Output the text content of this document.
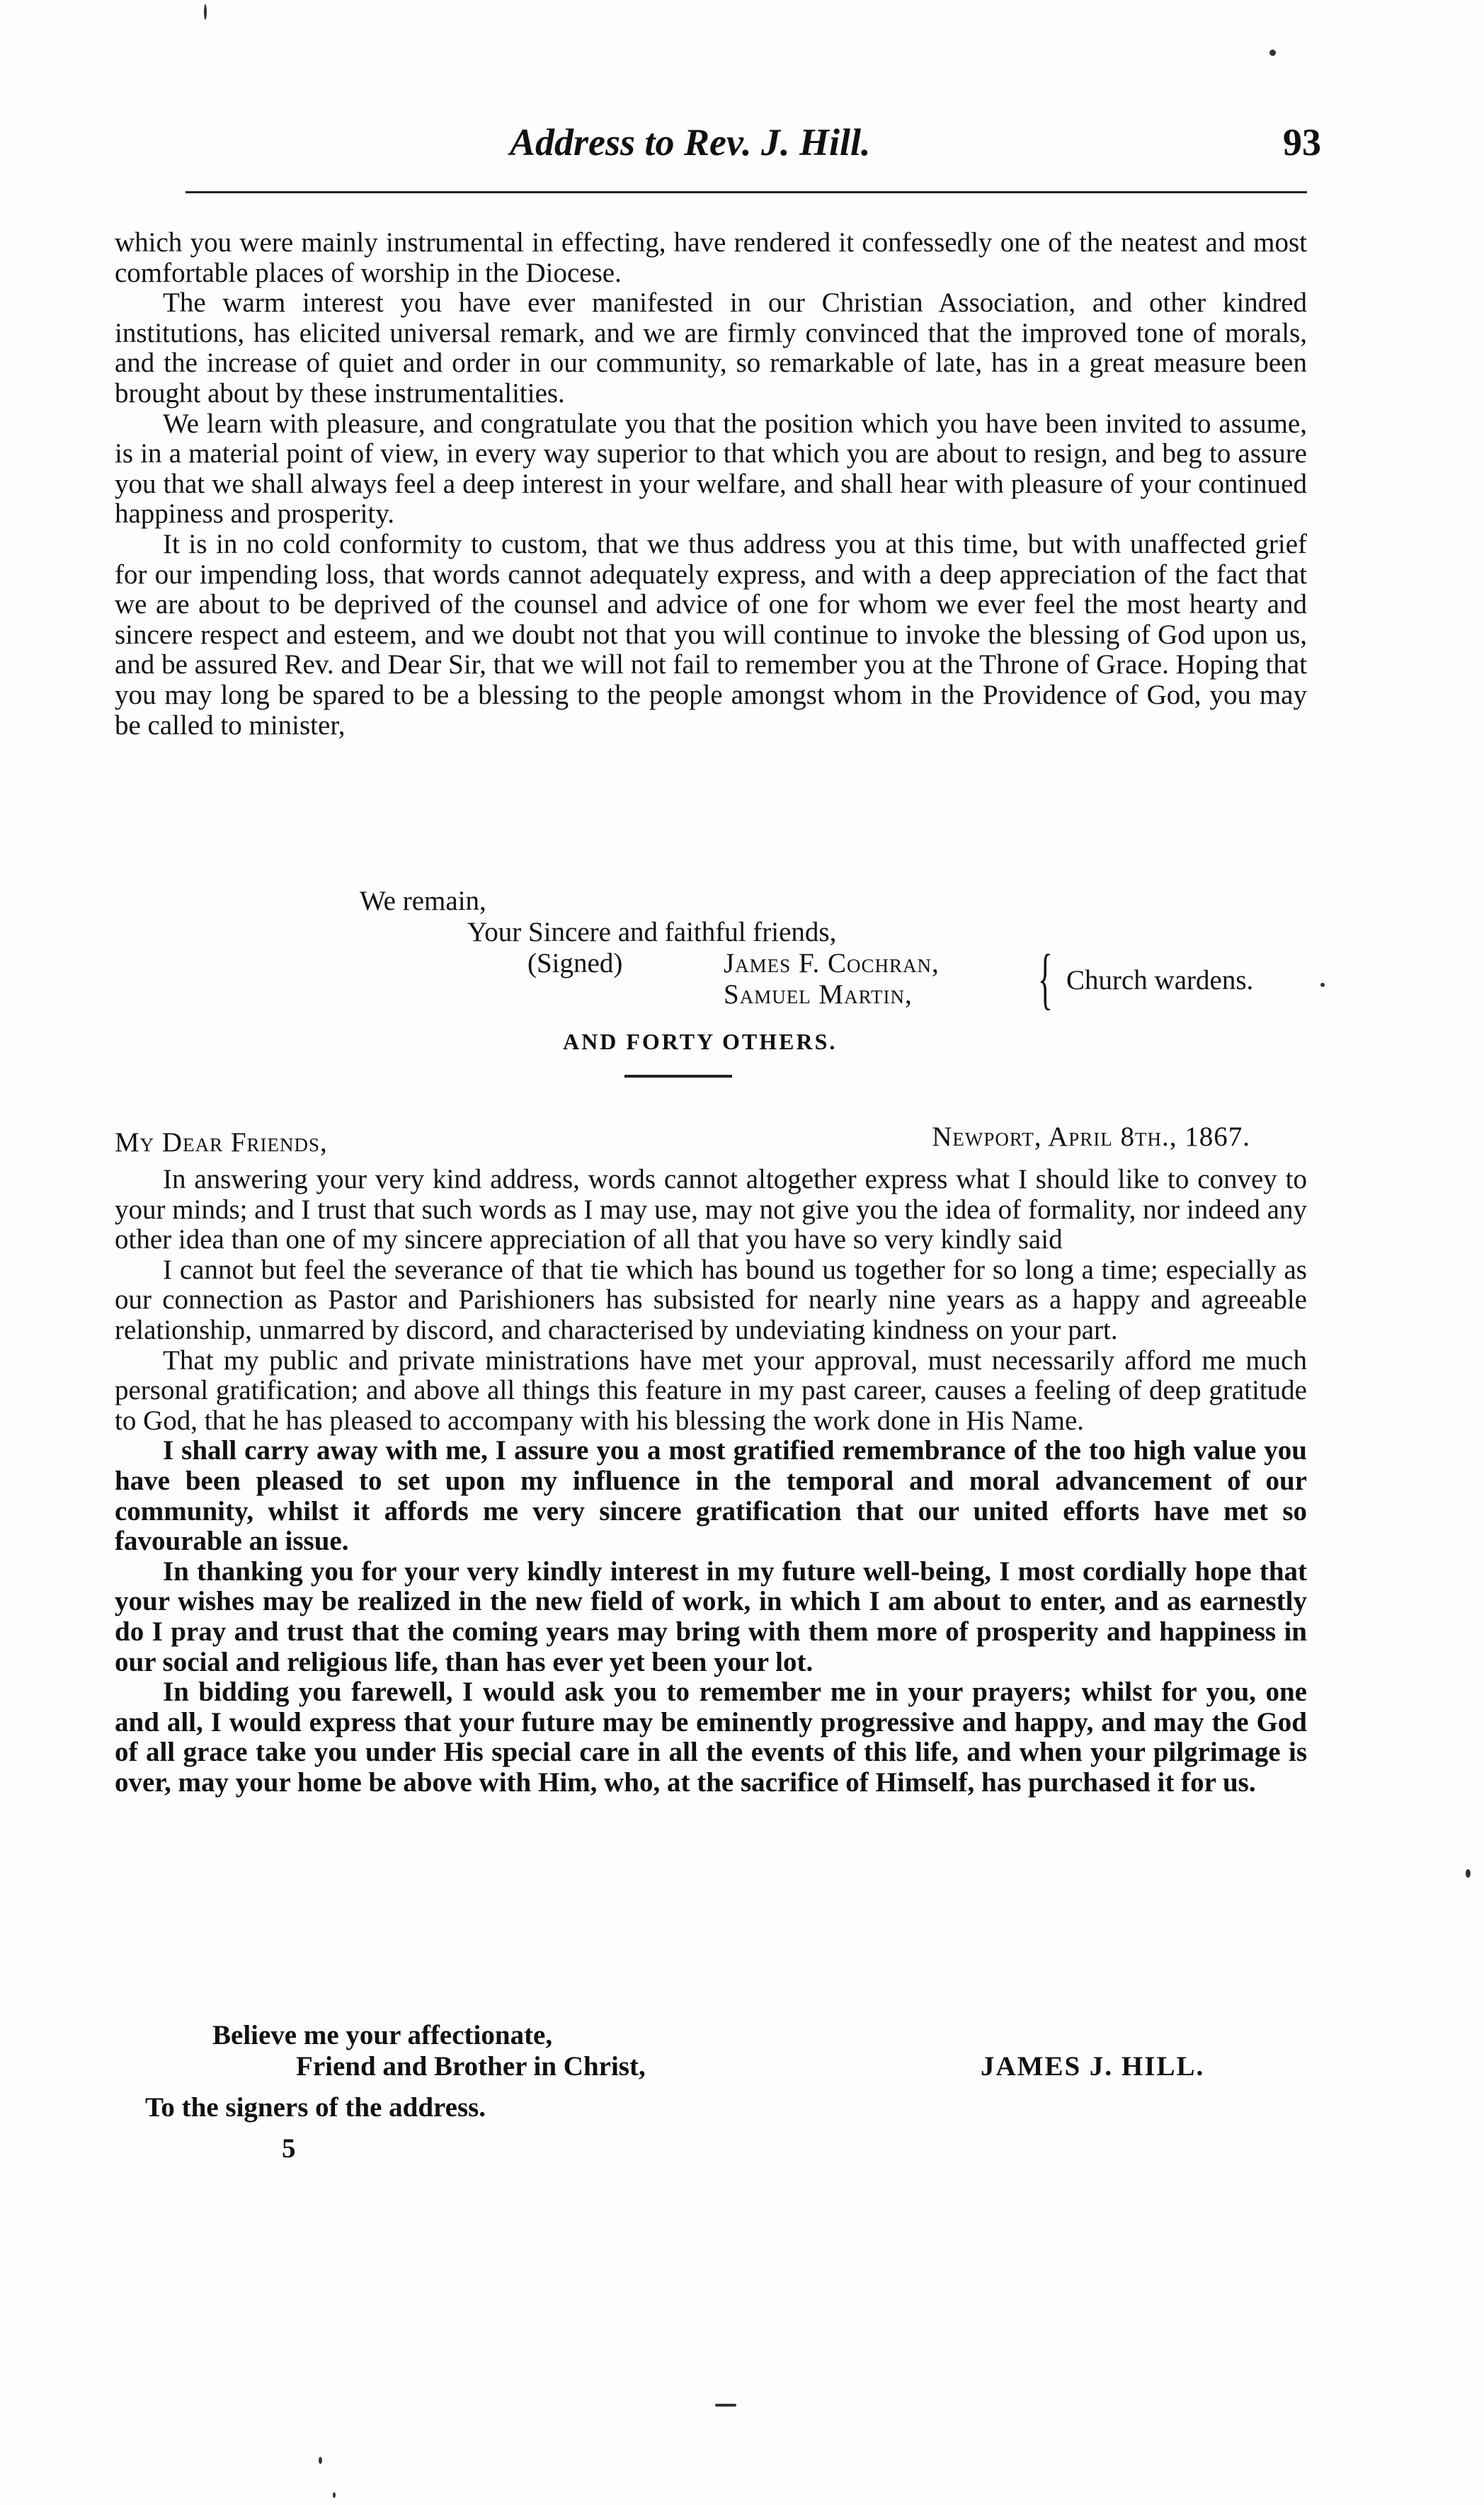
Address to Rev. J. Hill.	93

which you were mainly instrumental in effecting, have rendered it confessedly one of the neatest and most comfortable places of worship in the Diocese.

The warm interest you have ever manifested in our Christian Association, and other kindred institutions, has elicited universal remark, and we are firmly convinced that the improved tone of morals, and the increase of quiet and order in our community, so remarkable of late, has in a great measure been brought about by these instrumentalities.

We learn with pleasure, and congratulate you that the position which you have been invited to assume, is in a material point of view, in every way superior to that which you are about to resign, and beg to assure you that we shall always feel a deep interest in your welfare, and shall hear with pleasure of your continued happiness and prosperity.

It is in no cold conformity to custom, that we thus address you at this time, but with unaffected grief for our impending loss, that words cannot adequately express, and with a deep appreciation of the fact that we are about to be deprived of the counsel and advice of one for whom we ever feel the most hearty and sincere respect and esteem, and we doubt not that you will continue to invoke the blessing of God upon us, and be assured Rev. and Dear Sir, that we will not fail to remember you at the Throne of Grace. Hoping that you may long be spared to be a blessing to the people amongst whom in the Providence of God, you may be called to minister,

We remain,
Your Sincere and faithful friends,
(Signed)	James F. Cochran,
Samuel Martin, { Church wardens.
AND FORTY OTHERS.
Newport, April 8th., 1867.
My Dear Friends,

In answering your very kind address, words cannot altogether express what I should like to convey to your minds; and I trust that such words as I may use, may not give you the idea of formality, nor indeed any other idea than one of my sincere appreciation of all that you have so very kindly said

I cannot but feel the severance of that tie which has bound us together for so long a time; especially as our connection as Pastor and Parishioners has subsisted for nearly nine years as a happy and agreeable relationship, unmarred by discord, and characterised by undeviating kindness on your part.

That my public and private ministrations have met your approval, must necessarily afford me much personal gratification; and above all things this feature in my past career, causes a feeling of deep gratitude to God, that he has pleased to accompany with his blessing the work done in His Name.

I shall carry away with me, I assure you a most gratified remembrance of the too high value you have been pleased to set upon my influence in the temporal and moral advancement of our community, whilst it affords me very sincere gratification that our united efforts have met so favourable an issue.

In thanking you for your very kindly interest in my future well-being, I most cordially hope that your wishes may be realized in the new field of work, in which I am about to enter, and as earnestly do I pray and trust that the coming years may bring with them more of prosperity and happiness in our social and religious life, than has ever yet been your lot.

In bidding you farewell, I would ask you to remember me in your prayers; whilst for you, one and all, I would express that your future may be eminently progressive and happy, and may the God of all grace take you under His special care in all the events of this life, and when your pilgrimage is over, may your home be above with Him, who, at the sacrifice of Himself, has purchased it for us.

Believe me your affectionate,
Friend and Brother in Christ,	JAMES J. HILL.
To the signers of the address.
5
